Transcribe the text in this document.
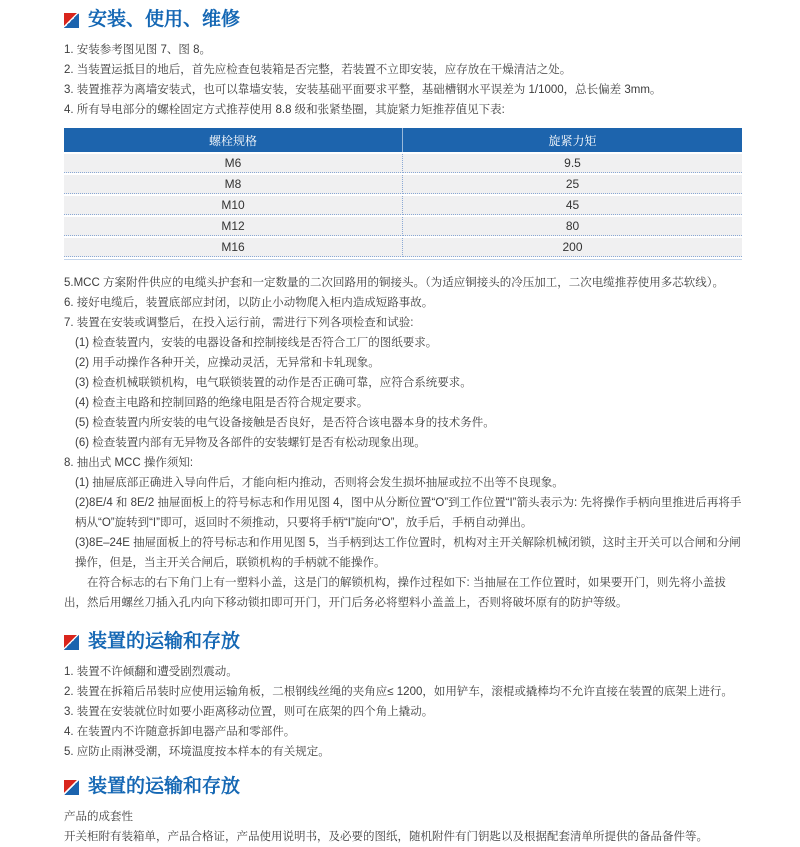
安装、使用、维修
1. 安装参考图见图 7、图 8。
2. 当装置运抵目的地后，首先应检查包装箱是否完整，若装置不立即安装，应存放在干燥清洁之处。
3. 装置推荐为离墙安装式，也可以靠墙安装，安装基础平面要求平整，基础槽钢水平误差为 1/1000，总长偏差 3mm。
4. 所有导电部分的螺栓固定方式推荐使用 8.8 级和张紧垫圈，其旋紧力矩推荐值见下表:
螺栓规格	旋紧力矩
M6	9.5
M8	25
M10	45
M12	80
M16	200
5.MCC 方案附件供应的电缆头护套和一定数量的二次回路用的铜接头。（为适应铜接头的冷压加工，二次电缆推荐使用多芯软线）。
6. 接好电缆后，装置底部应封闭，以防止小动物爬入柜内造成短路事故。
7. 装置在安装或调整后，在投入运行前，需进行下列各项检查和试验:
(1) 检查装置内，安装的电器设备和控制接线是否符合工厂的图纸要求。
(2) 用手动操作各种开关，应操动灵活，无异常和卡轧现象。
(3) 检查机械联锁机构，电气联锁装置的动作是否正确可靠，应符合系统要求。
(4) 检查主电路和控制回路的绝缘电阻是否符合规定要求。
(5) 检查装置内所安装的电气设备接触是否良好，是否符合该电器本身的技术务件。
(6) 检查装置内部有无异物及各部件的安装螺钉是否有松动现象出现。
8. 抽出式 MCC 操作须知:
(1) 抽屉底部正确进入导向件后，才能向柜内推动，否则将会发生损坏抽屉或拉不出等不良现象。
(2)8E/4 和 8E/2 抽屉面板上的符号标志和作用见图 4，图中从分断位置“O”到工作位置“I”箭头表示为: 先将操作手柄向里推进后再将手柄从“O”旋转到“I”即可，返回时不须推动，只要将手柄“I”旋向“O”，放手后，手柄自动弹出。
(3)8E–24E 抽屉面板上的符号标志和作用见图 5，当手柄到达工作位置时，机构对主开关解除机械闭锁，这时主开关可以合闸和分闸操作，但是，当主开关合闸后，联锁机构的手柄就不能操作。
在符合标志的右下角门上有一塑料小盖，这是门的解锁机构，操作过程如下: 当抽屉在工作位置时，如果要开门，则先将小盖拔出，然后用螺丝刀插入孔内向下移动锁扣即可开门，开门后务必将塑料小盖盖上，否则将破坏原有的防护等级。
装置的运输和存放
1. 装置不许倾翻和遭受剧烈震动。
2. 装置在拆箱后吊装时应使用运输角板，二根钢线丝绳的夹角应≤ 1200，如用铲车，滚棍或撬棒均不允许直接在装置的底架上进行。
3. 装置在安装就位时如要小距离移动位置，则可在底架的四个角上撬动。
4. 在装置内不许随意拆卸电器产品和零部件。
5. 应防止雨淋受潮，环境温度按本样本的有关规定。
装置的运输和存放
产品的成套性
开关柜附有装箱单，产品合格证，产品使用说明书，及必要的图纸，随机附件有门钥匙以及根据配套清单所提供的备品备件等。
